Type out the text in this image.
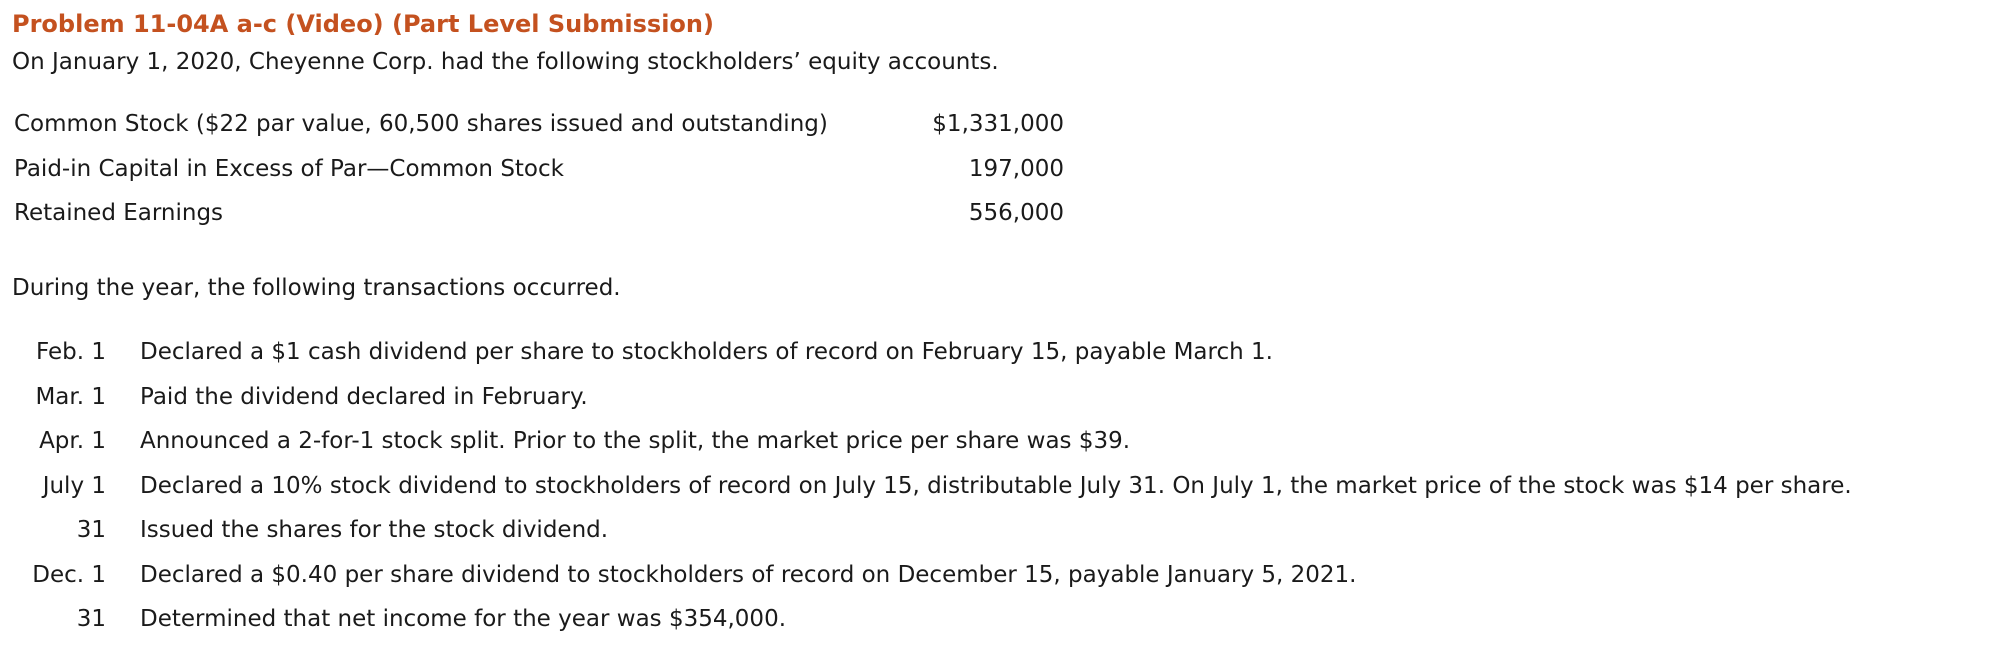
Problem 11-04A a-c (Video) (Part Level Submission)
On January 1, 2020, Cheyenne Corp. had the following stockholders’ equity accounts.
Common Stock ($22 par value, 60,500 shares issued and outstanding)	$1,331,000
Paid-in Capital in Excess of Par—Common Stock	197,000
Retained Earnings	556,000
During the year, the following transactions occurred.
Feb. 1 Declared a $1 cash dividend per share to stockholders of record on February 15, payable March 1.
Mar. 1 Paid the dividend declared in February.
Apr. 1 Announced a 2-for-1 stock split. Prior to the split, the market price per share was $39.
July 1 Declared a 10% stock dividend to stockholders of record on July 15, distributable July 31. On July 1, the market price of the stock was $14 per share.
31 Issued the shares for the stock dividend.
Dec. 1 Declared a $0.40 per share dividend to stockholders of record on December 15, payable January 5, 2021.
31 Determined that net income for the year was $354,000.
